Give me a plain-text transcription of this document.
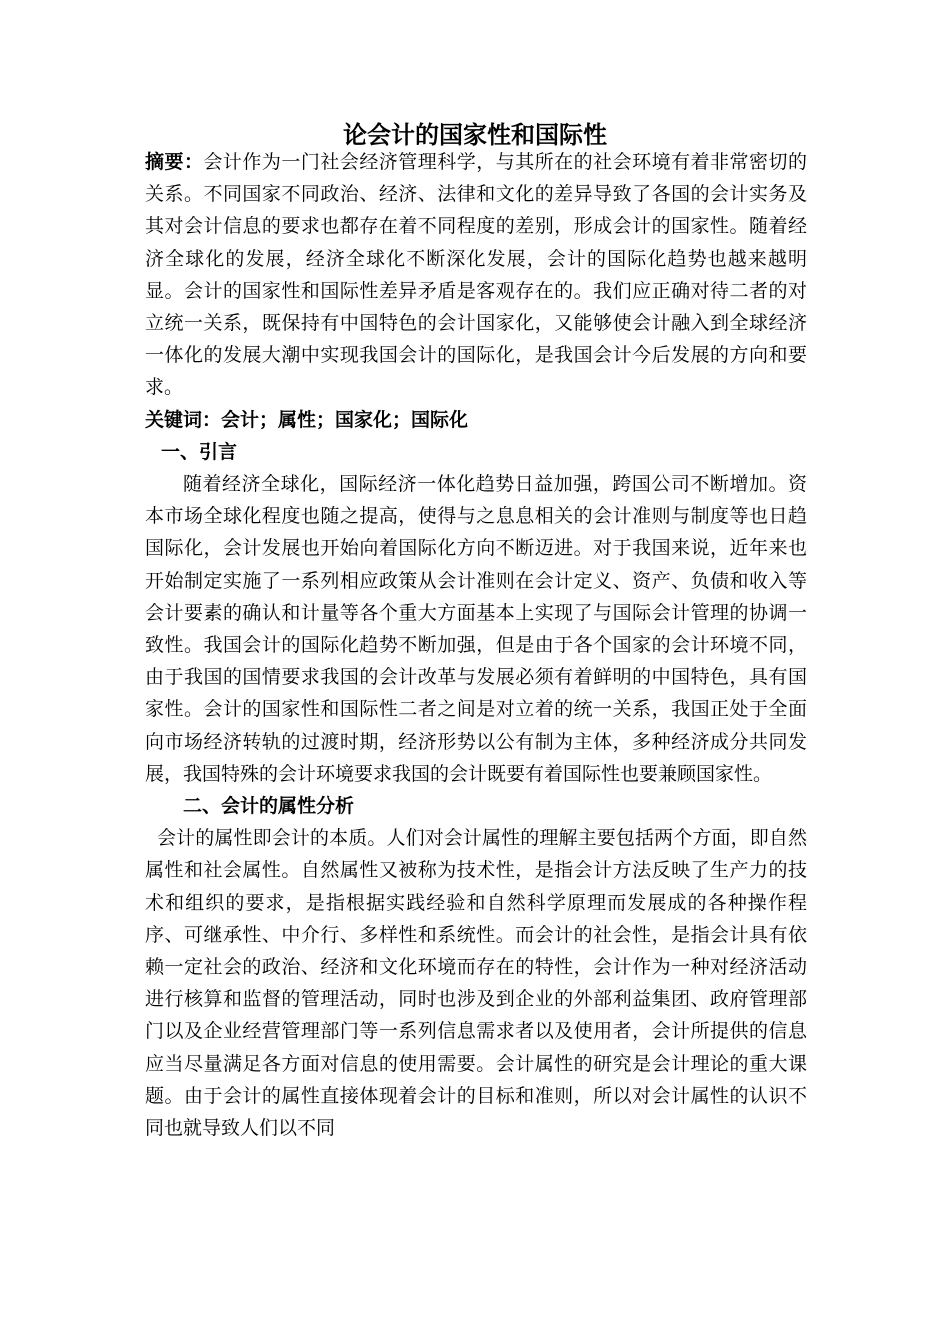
论会计的国家性和国际性

摘要：会计作为一门社会经济管理科学，与其所在的社会环境有着非常密切的关系。不同国家不同政治、经济、法律和文化的差异导致了各国的会计实务及其对会计信息的要求也都存在着不同程度的差别，形成会计的国家性。随着经济全球化的发展，经济全球化不断深化发展，会计的国际化趋势也越来越明显。会计的国家性和国际性差异矛盾是客观存在的。我们应正确对待二者的对立统一关系，既保持有中国特色的会计国家化，又能够使会计融入到全球经济一体化的发展大潮中实现我国会计的国际化，是我国会计今后发展的方向和要求。

关键词：会计；属性；国家化；国际化

一、引言

随着经济全球化，国际经济一体化趋势日益加强，跨国公司不断增加。资本市场全球化程度也随之提高，使得与之息息相关的会计准则与制度等也日趋国际化，会计发展也开始向着国际化方向不断迈进。对于我国来说，近年来也开始制定实施了一系列相应政策从会计准则在会计定义、资产、负债和收入等会计要素的确认和计量等各个重大方面基本上实现了与国际会计管理的协调一致性。我国会计的国际化趋势不断加强，但是由于各个国家的会计环境不同，由于我国的国情要求我国的会计改革与发展必须有着鲜明的中国特色，具有国家性。会计的国家性和国际性二者之间是对立着的统一关系，我国正处于全面向市场经济转轨的过渡时期，经济形势以公有制为主体，多种经济成分共同发展，我国特殊的会计环境要求我国的会计既要有着国际性也要兼顾国家性。

二、会计的属性分析

会计的属性即会计的本质。人们对会计属性的理解主要包括两个方面，即自然属性和社会属性。自然属性又被称为技术性，是指会计方法反映了生产力的技术和组织的要求，是指根据实践经验和自然科学原理而发展成的各种操作程序、可继承性、中介行、多样性和系统性。而会计的社会性，是指会计具有依赖一定社会的政治、经济和文化环境而存在的特性，会计作为一种对经济活动进行核算和监督的管理活动，同时也涉及到企业的外部利益集团、政府管理部门以及企业经营管理部门等一系列信息需求者以及使用者，会计所提供的信息应当尽量满足各方面对信息的使用需要。会计属性的研究是会计理论的重大课题。由于会计的属性直接体现着会计的目标和准则，所以对会计属性的认识不同也就导致人们以不同
